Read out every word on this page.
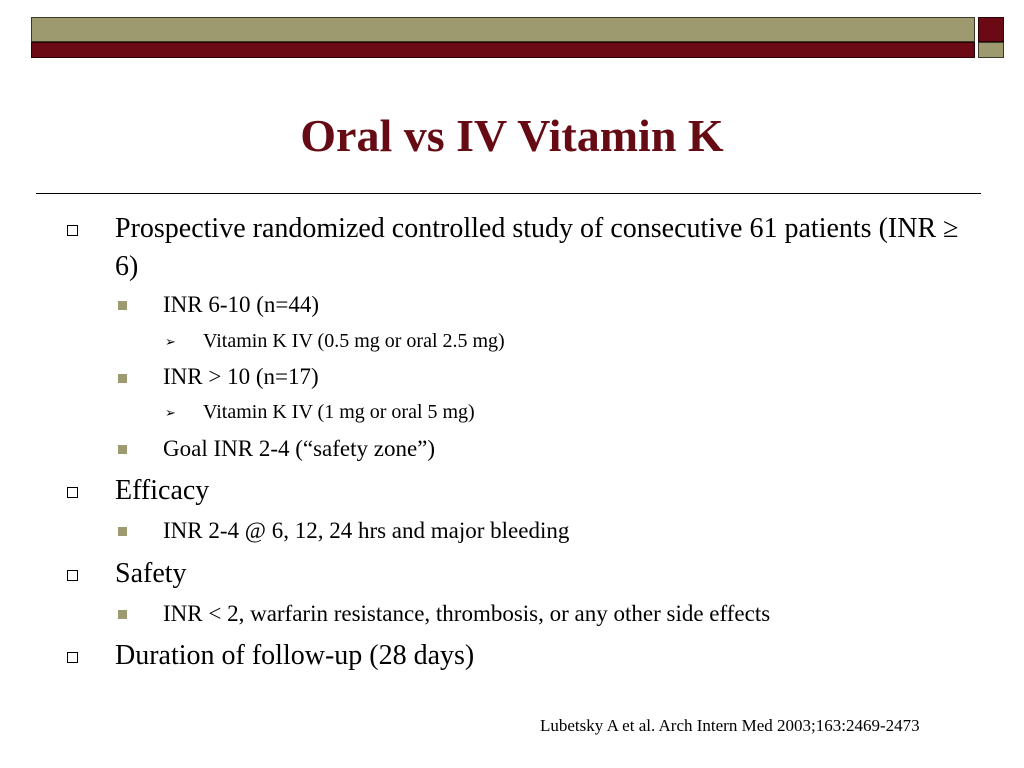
Oral vs IV Vitamin K
Prospective randomized controlled study of consecutive 61 patients (INR ≥ 6)
INR 6-10 (n=44)
➢ Vitamin K IV (0.5 mg or oral 2.5 mg)
INR > 10 (n=17)
➢ Vitamin K IV (1 mg or oral 5 mg)
Goal INR 2-4 (“safety zone”)
Efficacy
INR 2-4 @ 6, 12, 24 hrs and major bleeding
Safety
INR < 2, warfarin resistance, thrombosis, or any other side effects
Duration of follow-up (28 days)
Lubetsky A et al. Arch Intern Med 2003;163:2469-2473
